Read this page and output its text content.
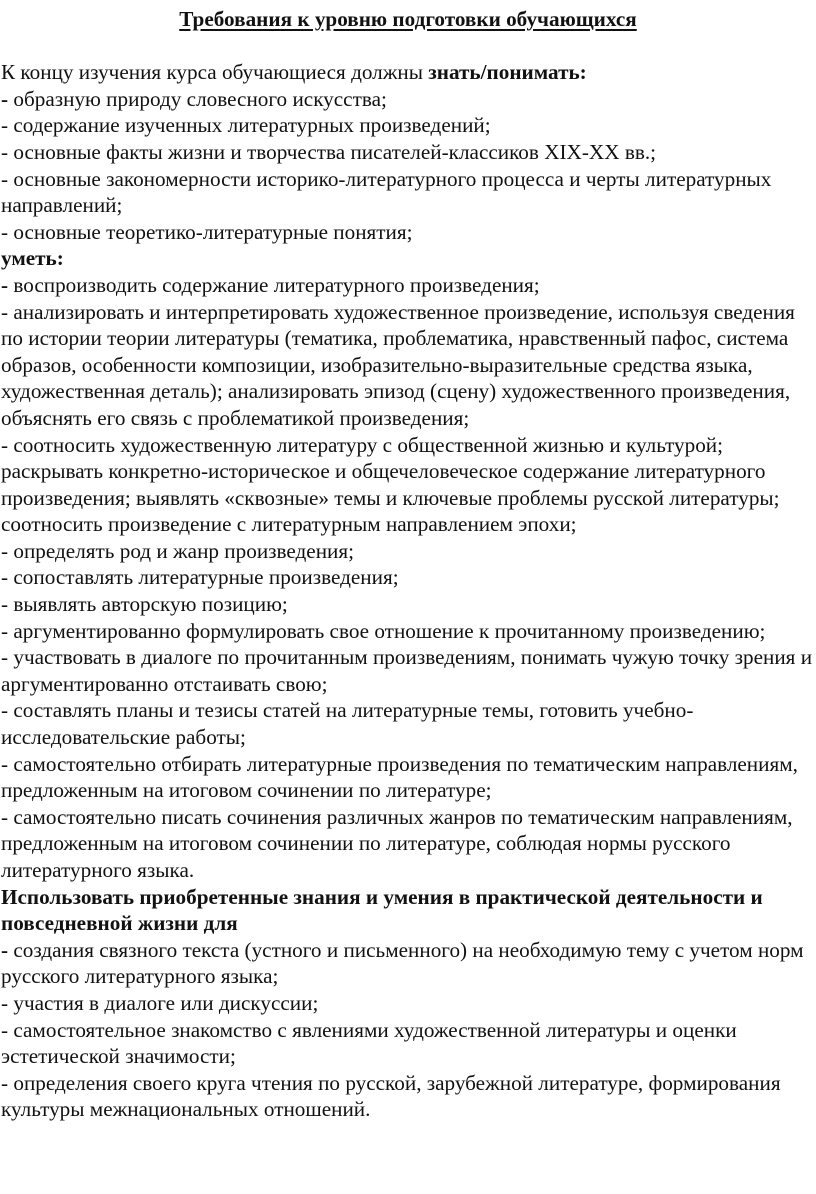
Требования к уровню подготовки обучающихся

К концу изучения курса обучающиеся должны знать/понимать:

- образную природу словесного искусства;

- содержание изученных литературных произведений;

- основные факты жизни и творчества писателей-классиков XIX-XX вв.;

- основные закономерности историко-литературного процесса и черты литературных направлений;

- основные теоретико-литературные понятия;

уметь:

- воспроизводить содержание литературного произведения;

- анализировать и интерпретировать художественное произведение, используя сведения по истории теории литературы (тематика, проблематика, нравственный пафос, система образов, особенности композиции, изобразительно-выразительные средства языка, художественная деталь); анализировать эпизод (сцену) художественного произведения, объяснять его связь с проблематикой произведения;

- соотносить художественную литературу с общественной жизнью и культурой; раскрывать конкретно-историческое и общечеловеческое содержание литературного произведения; выявлять «сквозные» темы и ключевые проблемы русской литературы; соотносить произведение с литературным направлением эпохи;

- определять род и жанр произведения;

- сопоставлять литературные произведения;

- выявлять авторскую позицию;

- аргументированно формулировать свое отношение к прочитанному произведению;

- участвовать в диалоге по прочитанным произведениям, понимать чужую точку зрения и аргументированно отстаивать свою;

- составлять планы и тезисы статей на литературные темы, готовить учебно-исследовательские работы;

- самостоятельно отбирать литературные произведения по тематическим направлениям, предложенным на итоговом сочинении по литературе;

- самостоятельно писать сочинения различных жанров по тематическим направлениям, предложенным на итоговом сочинении по литературе, соблюдая нормы русского литературного языка.

Использовать приобретенные знания и умения в практической деятельности и повседневной жизни для

- создания связного текста (устного и письменного) на необходимую тему с учетом норм русского литературного языка;

- участия в диалоге или дискуссии;

- самостоятельное знакомство с явлениями художественной литературы и оценки эстетической значимости;

- определения своего круга чтения по русской, зарубежной литературе, формирования культуры межнациональных отношений.
